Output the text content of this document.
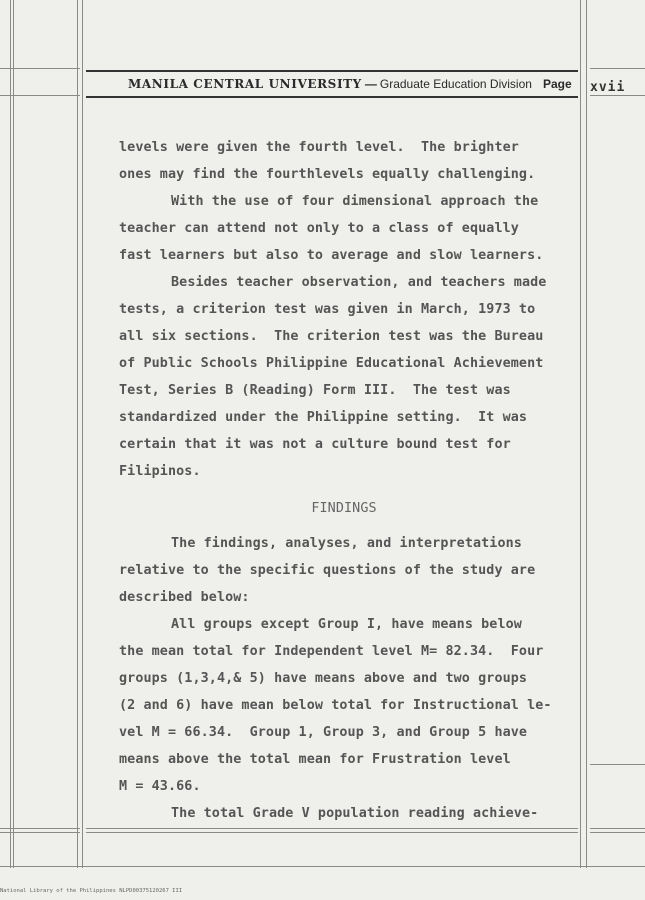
MANILA CENTRAL UNIVERSITY — Graduate Education Division Page xvii

levels were given the fourth level.  The brighter

ones may find the fourthlevels equally challenging.

With the use of four dimensional approach the

teacher can attend not only to a class of equally

fast learners but also to average and slow learners.

Besides teacher observation, and teachers made

tests, a criterion test was given in March, 1973 to

all six sections.  The criterion test was the Bureau

of Public Schools Philippine Educational Achievement

Test, Series B (Reading) Form III.  The test was

standardized under the Philippine setting.  It was

certain that it was not a culture bound test for

Filipinos.

FINDINGS

The findings, analyses, and interpretations

relative to the specific questions of the study are

described below:

All groups except Group I, have means below

the mean total for Independent level M= 82.34.  Four

groups (1,3,4,& 5) have means above and two groups

(2 and 6) have mean below total for Instructional le-

vel M = 66.34.  Group 1, Group 3, and Group 5 have

means above the total mean for Frustration level

M = 43.66.

The total Grade V population reading achieve-

National Library of the Philippines NLPD00375120267 III
